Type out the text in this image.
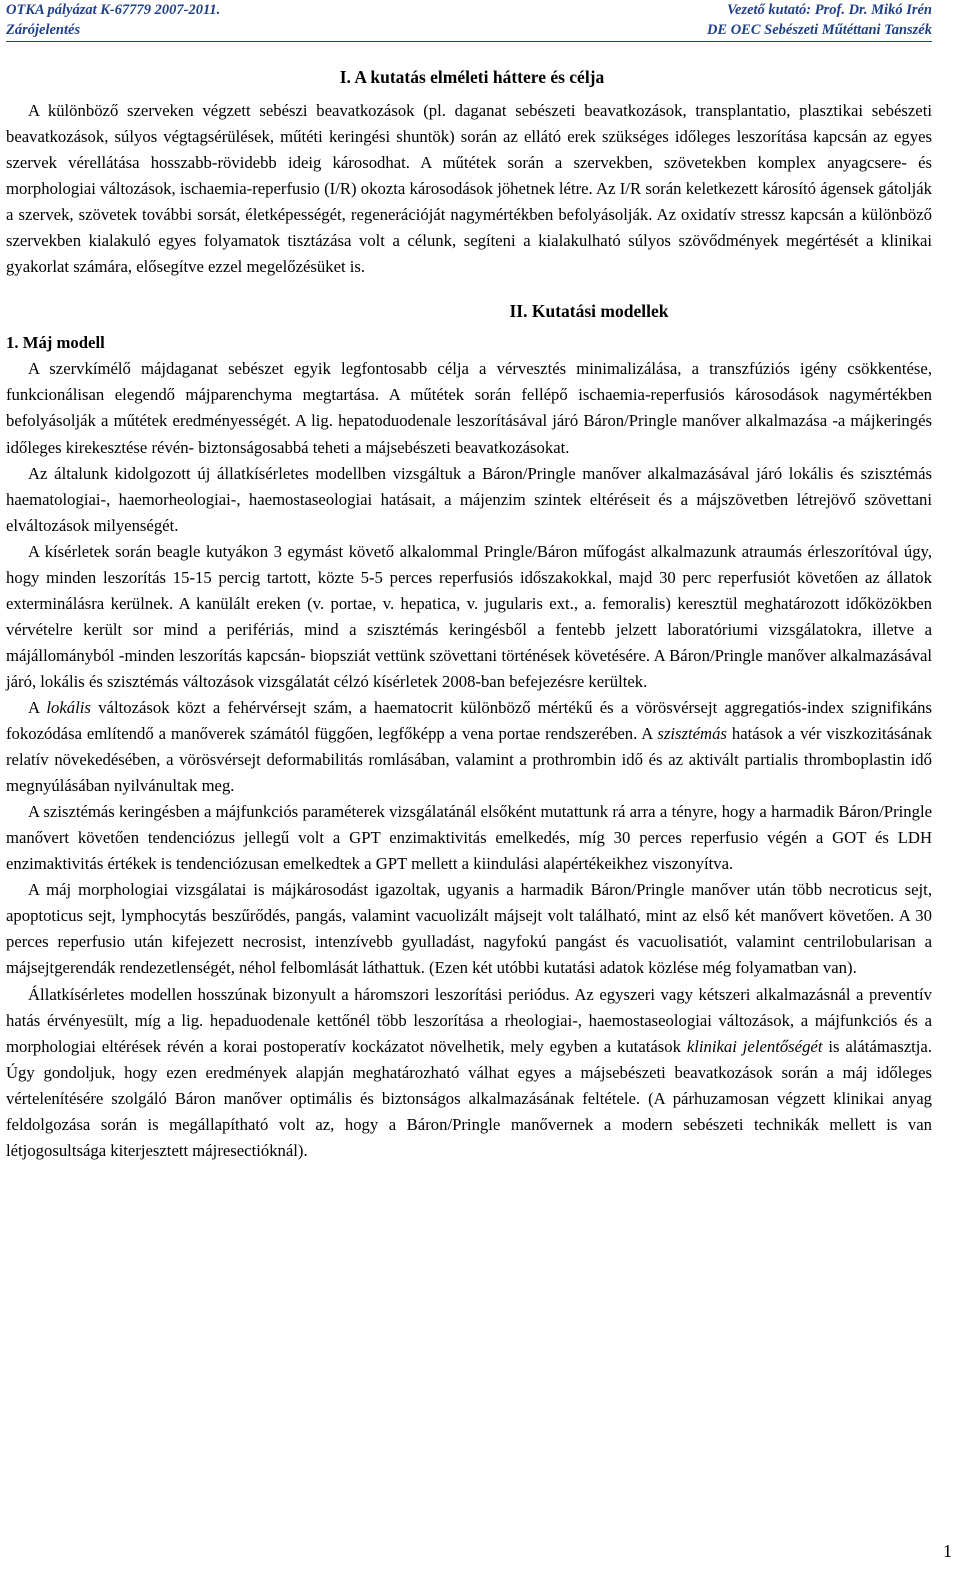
OTKA pályázat K-67779 2007-2011.
Zárójelentés
Vezető kutató: Prof. Dr. Mikó Irén
DE OEC Sebészeti Műtéttani Tanszék
I. A kutatás elméleti háttere és célja

A különböző szerveken végzett sebészi beavatkozások (pl. daganat sebészeti beavatkozások, transplantatio, plasztikai sebészeti beavatkozások, súlyos végtagsérülések, műtéti keringési shuntök) során az ellátó erek szükséges időleges leszorítása kapcsán az egyes szervek vérellátása hosszabb-rövidebb ideig károsodhat. A műtétek során a szervekben, szövetekben komplex anyagcsere- és morphologiai változások, ischaemia-reperfusio (I/R) okozta károsodások jöhetnek létre. Az I/R során keletkezett károsító ágensek gátolják a szervek, szövetek további sorsát, életképességét, regenerációját nagymértékben befolyásolják. Az oxidatív stressz kapcsán a különböző szervekben kialakuló egyes folyamatok tisztázása volt a célunk, segíteni a kialakulható súlyos szövődmények megértését a klinikai gyakorlat számára, elősegítve ezzel megelőzésüket is.

II. Kutatási modellek

1. Máj modell

A szervkímélő májdaganat sebészet egyik legfontosabb célja a vérvesztés minimalizálása, a transzfúziós igény csökkentése, funkcionálisan elegendő májparenchyma megtartása. A műtétek során fellépő ischaemia-reperfusiós károsodások nagymértékben befolyásolják a műtétek eredményességét. A lig. hepatoduodenale leszorításával járó Báron/Pringle manőver alkalmazása -a májkeringés időleges kirekesztése révén- biztonságosabbá teheti a májsebészeti beavatkozásokat.

Az általunk kidolgozott új állatkísérletes modellben vizsgáltuk a Báron/Pringle manőver alkalmazásával járó lokális és szisztémás haematologiai-, haemorheologiai-, haemostaseologiai hatásait, a májenzim szintek eltéréseit és a májszövetben létrejövő szövettani elváltozások milyenségét.

A kísérletek során beagle kutyákon 3 egymást követő alkalommal Pringle/Báron műfogást alkalmazunk atraumás érleszorítóval úgy, hogy minden leszorítás 15-15 percig tartott, közte 5-5 perces reperfusiós időszakokkal, majd 30 perc reperfusiót követően az állatok exterminálásra kerülnek. A kanülált ereken (v. portae, v. hepatica, v. jugularis ext., a. femoralis) keresztül meghatározott időközökben vérvételre került sor mind a perifériás, mind a szisztémás keringésből a fentebb jelzett laboratóriumi vizsgálatokra, illetve a májállományból -minden leszorítás kapcsán- biopsziát vettünk szövettani történések követésére. A Báron/Pringle manőver alkalmazásával járó, lokális és szisztémás változások vizsgálatát célzó kísérletek 2008-ban befejezésre kerültek.

A lokális változások közt a fehérvérsejt szám, a haematocrit különböző mértékű és a vörösvérsejt aggregatiós-index szignifikáns fokozódása említendő a manőverek számától függően, legfőképp a vena portae rendszerében. A szisztémás hatások a vér viszkozitásának relatív növekedésében, a vörösvérsejt deformabilitás romlásában, valamint a prothrombin idő és az aktivált partialis thromboplastin idő megnyúlásában nyilvánultak meg.

A szisztémás keringésben a májfunkciós paraméterek vizsgálatánál elsőként mutattunk rá arra a tényre, hogy a harmadik Báron/Pringle manővert követően tendenciózus jellegű volt a GPT enzimaktivitás emelkedés, míg 30 perces reperfusio végén a GOT és LDH enzimaktivitás értékek is tendenciózusan emelkedtek a GPT mellett a kiindulási alapértékeikhez viszonyítva.

A máj morphologiai vizsgálatai is májkárosodást igazoltak, ugyanis a harmadik Báron/Pringle manőver után több necroticus sejt, apoptoticus sejt, lymphocytás beszűrődés, pangás, valamint vacuolizált májsejt volt található, mint az első két manővert követően. A 30 perces reperfusio után kifejezett necrosist, intenzívebb gyulladást, nagyfokú pangást és vacuolisatiót, valamint centrilobularisan a májsejtgerendák rendezetlenségét, néhol felbomlását láthattuk. (Ezen két utóbbi kutatási adatok közlése még folyamatban van).

Állatkísérletes modellen hosszúnak bizonyult a háromszori leszorítási periódus. Az egyszeri vagy kétszeri alkalmazásnál a preventív hatás érvényesült, míg a lig. hepaduodenale kettőnél több leszorítása a rheologiai-, haemostaseologiai változások, a májfunkciós és a morphologiai eltérések révén a korai postoperatív kockázatot növelhetik, mely egyben a kutatások klinikai jelentőségét is alátámasztja. Úgy gondoljuk, hogy ezen eredmények alapján meghatározható válhat egyes a májsebészeti beavatkozások során a máj időleges vértelenítésére szolgáló Báron manőver optimális és biztonságos alkalmazásának feltétele. (A párhuzamosan végzett klinikai anyag feldolgozása során is megállapítható volt az, hogy a Báron/Pringle manővernek a modern sebészeti technikák mellett is van létjogosultsága kiterjesztett májresectióknál).

1
